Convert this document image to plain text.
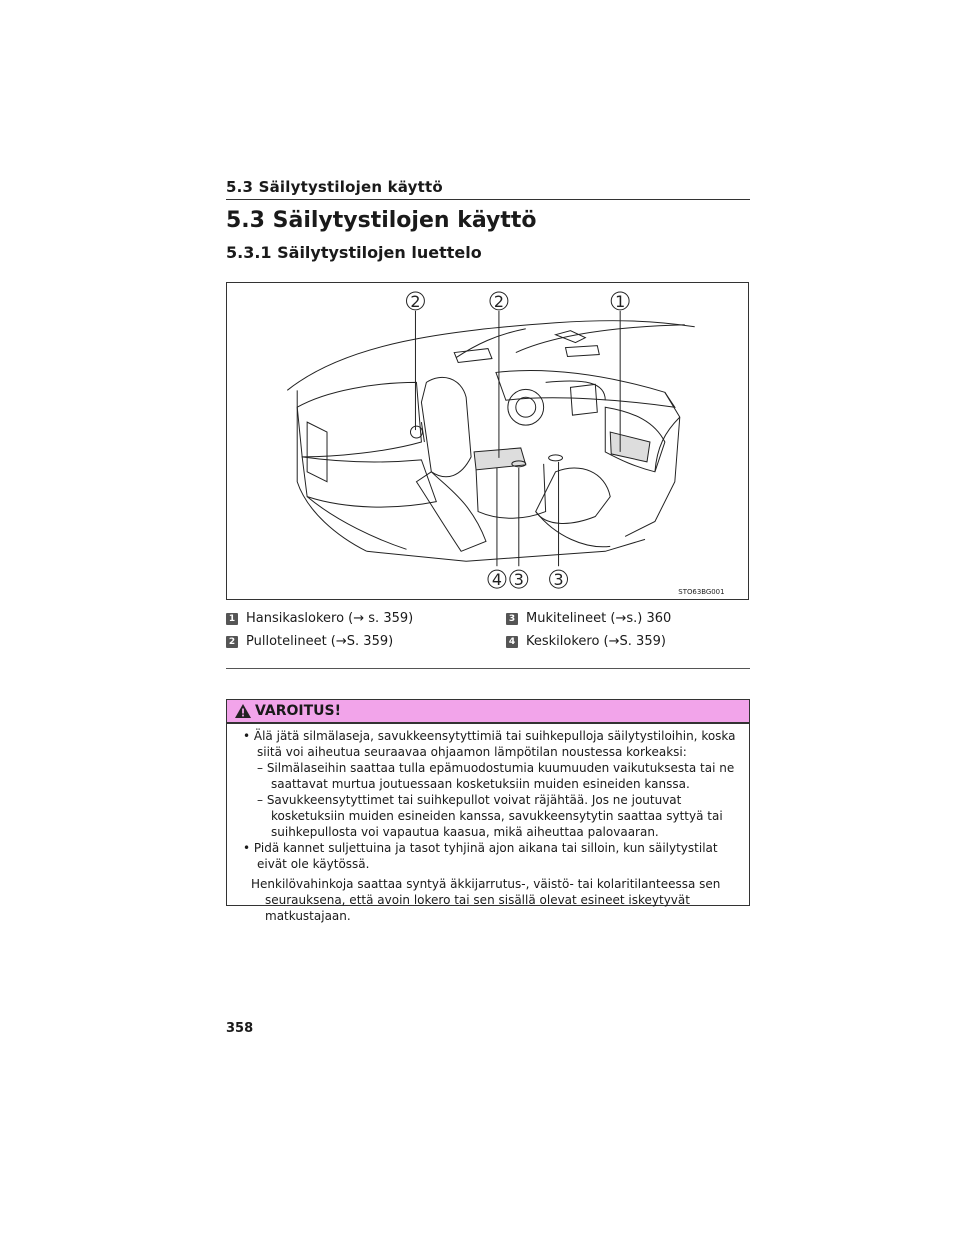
5.3 Säilytystilojen käyttö
5.3 Säilytystilojen käyttö
5.3.1 Säilytystilojen luettelo
2	2	1
4 3 3
STO63BG001
1 Hansikaslokero (→ s. 359)
2 Pullotelineet (→S. 359)
3 Mukitelineet (→s.) 360
4 Keskilokero (→S. 359)
VAROITUS!
• Älä jätä silmälaseja, savukkeensytyttimiä tai suihkepulloja säilytystiloihin, koska siitä voi aiheutua seuraavaa ohjaamon lämpötilan noustessa korkeaksi:
– Silmälaseihin saattaa tulla epämuodostumia kuumuuden vaikutuksesta tai ne saattavat murtua joutuessaan kosketuksiin muiden esineiden kanssa.
– Savukkeensytyttimet tai suihkepullot voivat räjähtää. Jos ne joutuvat kosketuksiin muiden esineiden kanssa, savukkeensytytin saattaa syttyä tai suihkepullosta voi vapautua kaasua, mikä aiheuttaa palovaaran.
• Pidä kannet suljettuina ja tasot tyhjinä ajon aikana tai silloin, kun säilytystilat eivät ole käytössä.
Henkilövahinkoja saattaa syntyä äkkijarrutus-, väistö- tai kolaritilanteessa sen seurauksena, että avoin lokero tai sen sisällä olevat esineet iskeytyvät matkustajaan.
358
